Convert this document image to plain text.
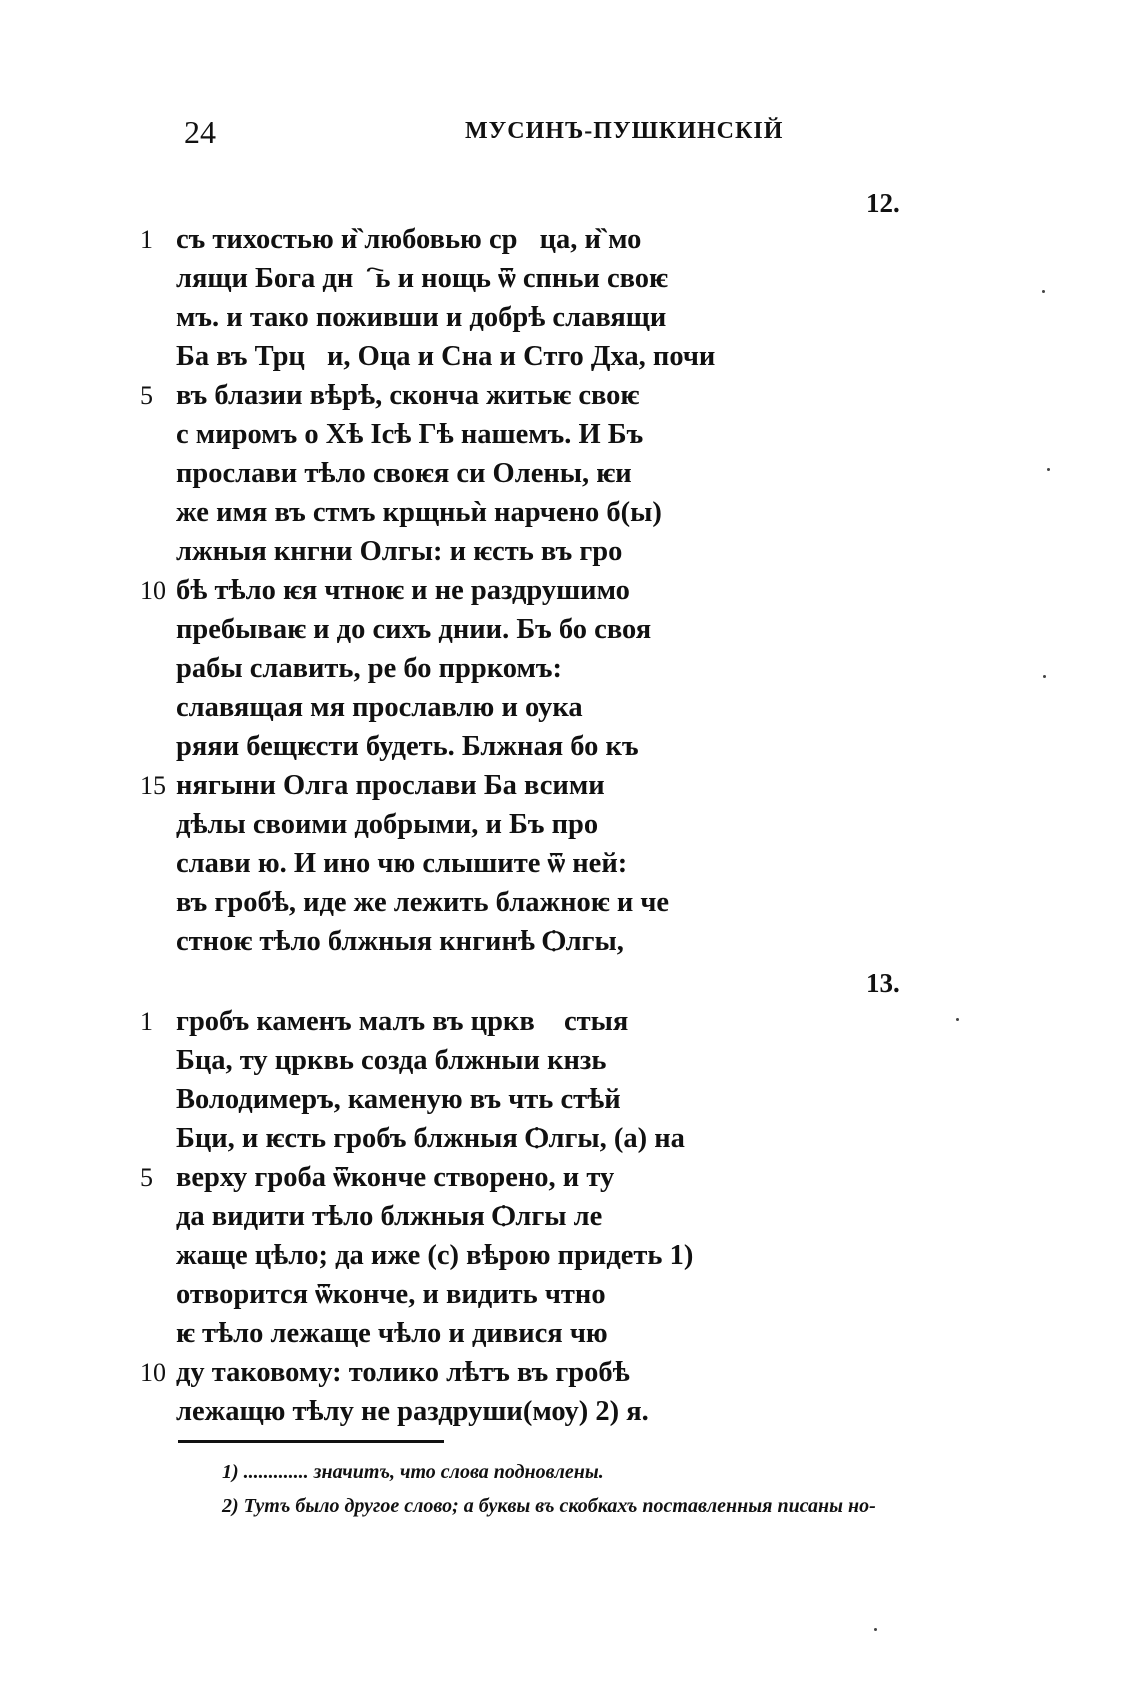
24	МУСИНЪ-ПУШКИНСКІЙ
12.
1 съ тихостью и̏ любовью срⷣца, и̏ мо
лящи Бога днⷭ҇ь и нощь ѿ спньи своѥ
мъ. и тако поживши и добрѣ славящи
Ба въ Трцⷤи, Оца и Сна и Стго Дха, почи
5 въ блазии вѣрѣ, скончa житьѥ своѥ
с миромъ о Хѣ Ісѣ Гѣ нашемъ. И Бъ
прослави тѣло своѥя си Олены, ѥи
же имя въ стмъ крщньѝ нарчено б(ы)
лжныя кнгни Олгы: и ѥсть въ гро
10 бѣ тѣло ѥя чтноѥ и не раздрушимо
пребываѥ и до сихъ днии. Бъ бо своя
рабы славить, ре бо прркомъ:
славящая мя прославлю и оука
ряяи бещѥсти будеть. Блжная бо къ
15 нягыни Олга прослави Ба всими
дѣлы своими добрыми, и Бъ про
слави ю. И ино чю слышите ѿ нeй:
въ гробѣ, иде же лежить блажноѥ и че
стноѥ тѣло блжныя кнгинѣ Ѻлгы,
13.
1 гробъ каменъ малъ въ црквⷡ стыя
Бца, ту црквь созда блжныи кнзь
Володимеръ, каменую въ чть стѣй
Бци, и ѥсть гробъ блжныя Ѻлгы, (а) на
5 верху гроба ѿконче створено, и ту
да видити тѣло блжныя Ѻлгы ле
жаще цѣло; да иже (с) вѣрою придеть 1)
отворится ѿконче, и видить чтно
ѥ тѣло лежаще чѣло и дивися чю
10 ду таковому: толико лѣтъ въ гробѣ
лежащю тѣлу не раздруши(моу) 2) я.
1) ............. значитъ, что слова подновлены.
2) Тутъ было другое слово; а буквы въ скобкахъ поставленныя писаны но-
